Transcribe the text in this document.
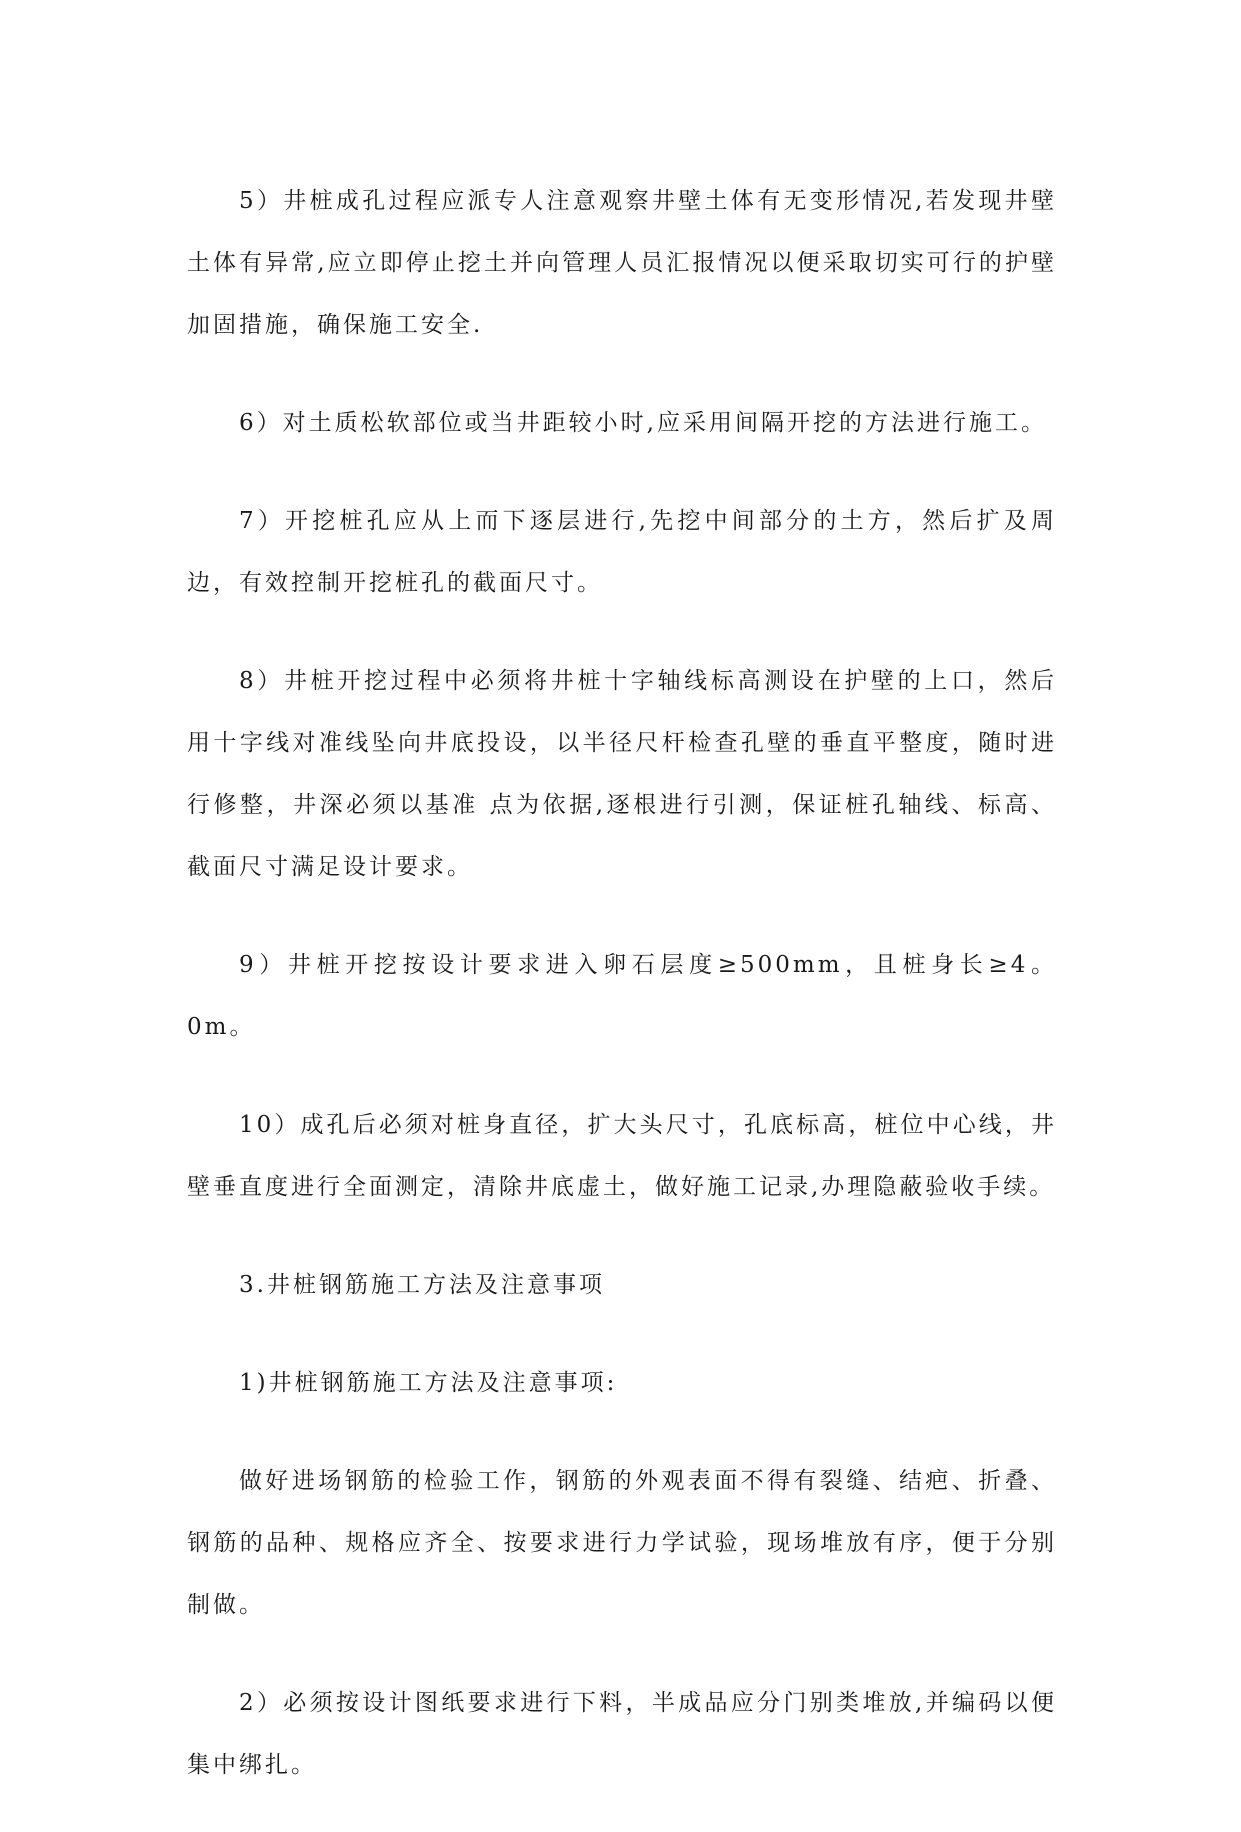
5）井桩成孔过程应派专人注意观察井壁土体有无变形情况,若发现井壁土体有异常,应立即停止挖土并向管理人员汇报情况以便采取切实可行的护壁加固措施，确保施工安全.

6）对土质松软部位或当井距较小时,应采用间隔开挖的方法进行施工。

7）开挖桩孔应从上而下逐层进行,先挖中间部分的土方，然后扩及周边，有效控制开挖桩孔的截面尺寸。

8）井桩开挖过程中必须将井桩十字轴线标高测设在护壁的上口，然后用十字线对准线坠向井底投设，以半径尺杆检查孔壁的垂直平整度，随时进行修整，井深必须以基准 点为依据,逐根进行引测，保证桩孔轴线、标高、截面尺寸满足设计要求。

9）井桩开挖按设计要求进入卵石层度≥500mm，且桩身长≥4。0m。

10）成孔后必须对桩身直径，扩大头尺寸，孔底标高，桩位中心线，井壁垂直度进行全面测定，清除井底虚土，做好施工记录,办理隐蔽验收手续。

3.井桩钢筋施工方法及注意事项

1)井桩钢筋施工方法及注意事项:

做好进场钢筋的检验工作，钢筋的外观表面不得有裂缝、结疤、折叠、钢筋的品种、规格应齐全、按要求进行力学试验，现场堆放有序，便于分别制做。

2）必须按设计图纸要求进行下料，半成品应分门别类堆放,并编码以便集中绑扎。
